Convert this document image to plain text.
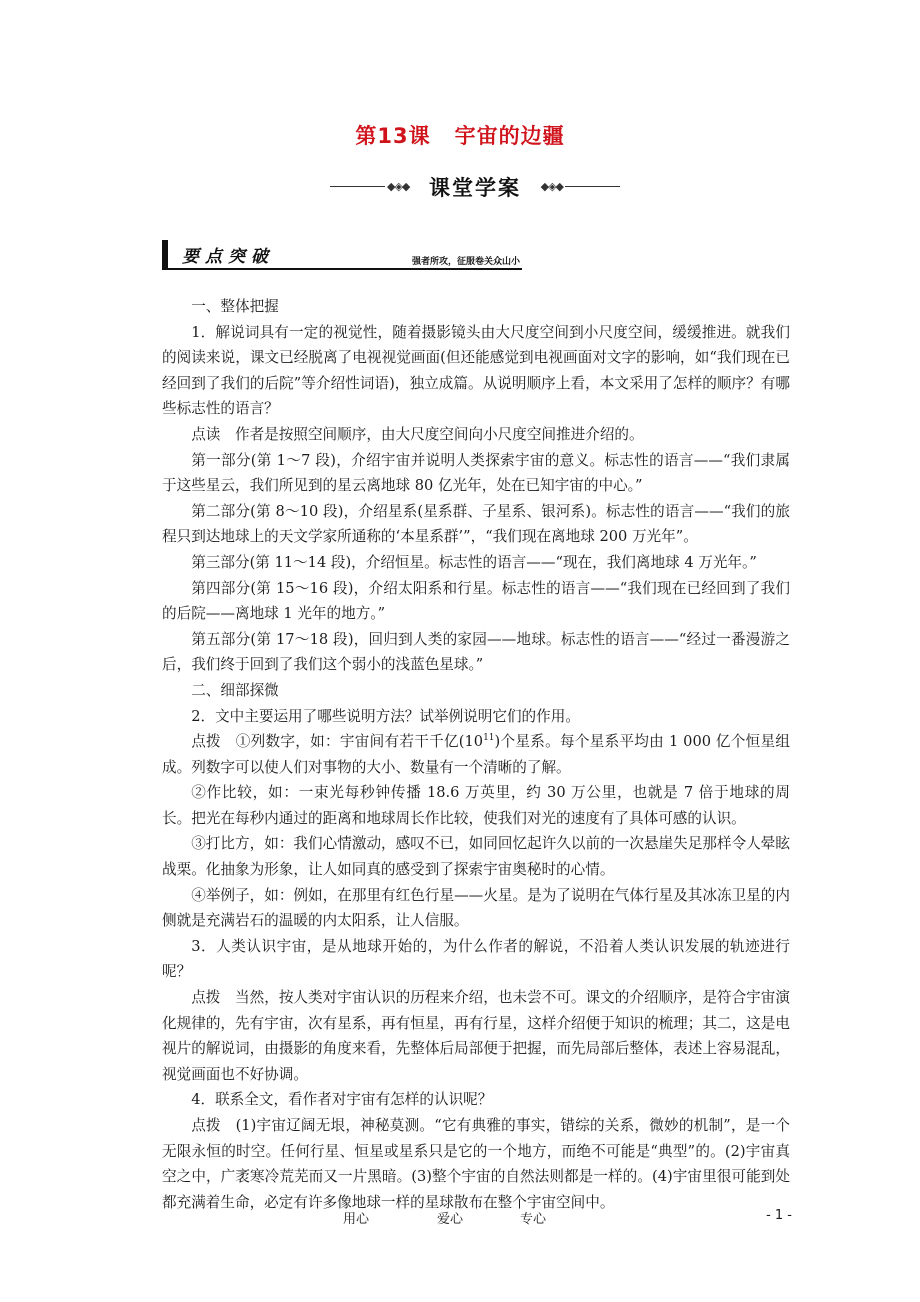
第13课 宇宙的边疆
◆◈◆ 课堂学案	◆◈◆
要点突破	强者所攻，征服卷关众山小

一、整体把握

1．解说词具有一定的视觉性，随着摄影镜头由大尺度空间到小尺度空间，缓缓推进。就我们的阅读来说，课文已经脱离了电视视觉画面(但还能感觉到电视画面对文字的影响，如“我们现在已经回到了我们的后院”等介绍性词语)，独立成篇。从说明顺序上看，本文采用了怎样的顺序？有哪些标志性的语言？

点读　作者是按照空间顺序，由大尺度空间向小尺度空间推进介绍的。

第一部分(第 1～7 段)，介绍宇宙并说明人类探索宇宙的意义。标志性的语言——“我们隶属于这些星云，我们所见到的星云离地球 80 亿光年，处在已知宇宙的中心。”

第二部分(第 8～10 段)，介绍星系(星系群、子星系、银河系)。标志性的语言——“我们的旅程只到达地球上的天文学家所通称的‘本星系群’”，“我们现在离地球 200 万光年”。

第三部分(第 11～14 段)，介绍恒星。标志性的语言——“现在，我们离地球 4 万光年。”

第四部分(第 15～16 段)，介绍太阳系和行星。标志性的语言——“我们现在已经回到了我们的后院——离地球 1 光年的地方。”

第五部分(第 17～18 段)，回归到人类的家园——地球。标志性的语言——“经过一番漫游之后，我们终于回到了我们这个弱小的浅蓝色星球。”

二、细部探微

2．文中主要运用了哪些说明方法？试举例说明它们的作用。

点拨　①列数字，如：宇宙间有若干千亿$(10^{11})$个星系。每个星系平均由 1 000 亿个恒星组成。列数字可以使人们对事物的大小、数量有一个清晰的了解。

②作比较，如：一束光每秒钟传播 18.6 万英里，约 30 万公里，也就是 7 倍于地球的周长。把光在每秒内通过的距离和地球周长作比较，使我们对光的速度有了具体可感的认识。

③打比方，如：我们心情激动，感叹不已，如同回忆起许久以前的一次悬崖失足那样令人晕眩战栗。化抽象为形象，让人如同真的感受到了探索宇宙奥秘时的心情。

④举例子，如：例如，在那里有红色行星——火星。是为了说明在气体行星及其冰冻卫星的内侧就是充满岩石的温暖的内太阳系，让人信服。

3．人类认识宇宙，是从地球开始的，为什么作者的解说，不沿着人类认识发展的轨迹进行呢？

点拨　当然，按人类对宇宙认识的历程来介绍，也未尝不可。课文的介绍顺序，是符合宇宙演化规律的，先有宇宙，次有星系，再有恒星，再有行星，这样介绍便于知识的梳理；其二，这是电视片的解说词，由摄影的角度来看，先整体后局部便于把握，而先局部后整体，表述上容易混乱，视觉画面也不好协调。

4．联系全文，看作者对宇宙有怎样的认识呢？

点拨　(1)宇宙辽阔无垠，神秘莫测。“它有典雅的事实，错综的关系，微妙的机制”，是一个无限永恒的时空。任何行星、恒星或星系只是它的一个地方，而绝不可能是“典型”的。(2)宇宙真空之中，广袤寒冷荒芜而又一片黑暗。(3)整个宇宙的自然法则都是一样的。(4)宇宙里很可能到处都充满着生命，必定有许多像地球一样的星球散布在整个宇宙空间中。

用心	爱心	专心	- 1 -
